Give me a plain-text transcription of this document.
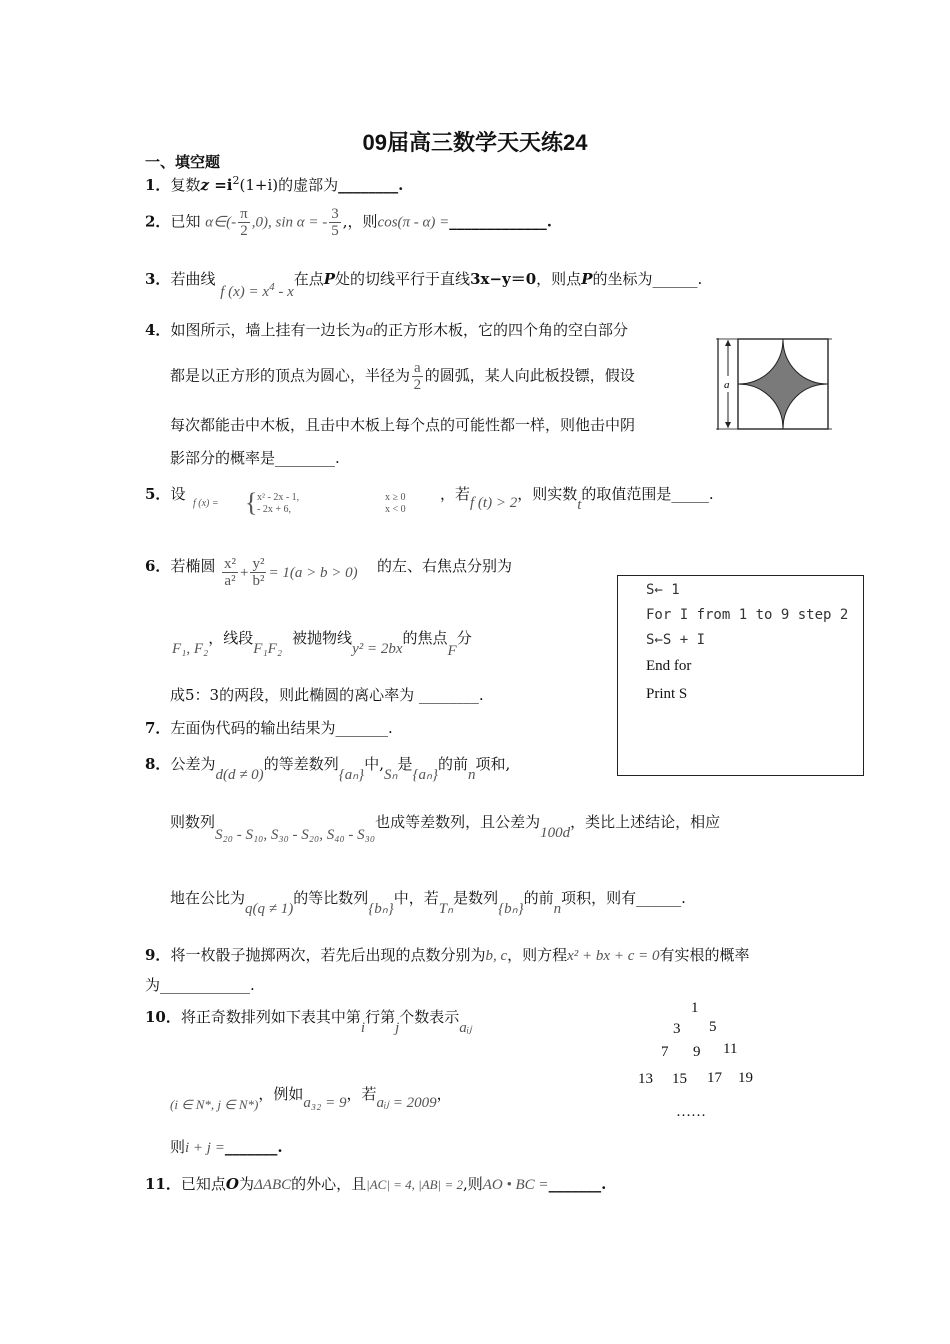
09届高三数学天天练24
一、填空题
1．复数$z =i^2(1+i)$的虚部为________.
2．已知 α∈(- $\frac{\pi}{2} ,0$), sin α = - $\frac{3}{5}$ ,，则cos(π - α) =_____________.
3．若曲线 f $(x) = x^4 - x$在点P处的切线平行于直线3x−y＝0，则点P的坐标为______.
4．如图所示，墙上挂有一边长为a的正方形木板，它的四个角的空白部分
都是以正方形的顶点为圆心，半径为 $\frac{a}{2}$ 的圆弧，某人向此板投镖，假设
每次都能击中木板，且击中木板上每个点的可能性都一样，则他击中阴
影部分的概率是________.
a
5．设
f (x) = { x² - 2x - 1,
- 2x + 6,
x ≥ 0
x < 0
，若f (t) > 2，则实数t的取值范围是_____.
6．若椭圆 $\frac{\text{x²}}{\text{a²}} + \frac{\text{y²}}{\text{b²}} = 1(a > b > 0)$ 的左、右焦点分别为
F₁, F₂，线段F₁F₂被抛物线y² = 2bx的焦点F分
成5：3的两段，则此椭圆的离心率为 ________.
S← 1
For I from 1 to 9 step 2
S←S + I
End for
Print S
7．左面伪代码的输出结果为_______.
8．公差为d(d ≠ 0)的等差数列{aₙ}中,Sₙ是{aₙ}的前n项和,
则数列S₂₀ - S₁₀, S₃₀ - S₂₀, S₄₀ - S₃₀也成等差数列，且公差为100d，类比上述结论，相应
地在公比为q(q ≠ 1)的等比数列{bₙ}中，若Tₙ是数列{bₙ}的前n项积，则有______.
9．将一枚骰子抛掷两次，若先后出现的点数分别为b, c，则方程x² + bx + c = 0有实根的概率
为____________.
10．将正奇数排列如下表其中第i行第j个数表示aᵢⱼ
(i ∈ N*, j ∈ N*)，例如a₃₂ = 9，若aᵢⱼ = 2009，
则i + j =_______.
1
3 5
7 9 11
13 15 17 19
……
11．已知点O为ΔABC的外心，且|AC| = 4, |AB| = 2,则AO • BC =_______.
